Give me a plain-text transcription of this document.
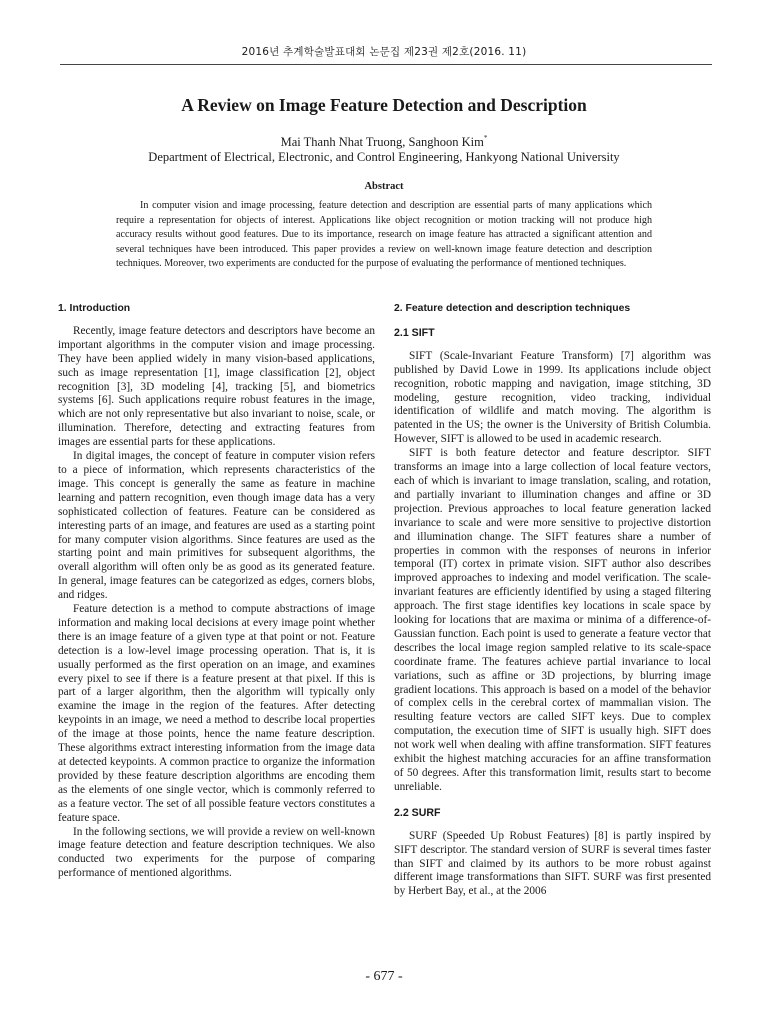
2016년 추계학술발표대회 논문집 제23권 제2호(2016. 11)
A Review on Image Feature Detection and Description
Mai Thanh Nhat Truong, Sanghoon Kim*
Department of Electrical, Electronic, and Control Engineering, Hankyong National University
Abstract

In computer vision and image processing, feature detection and description are essential parts of many applications which require a representation for objects of interest. Applications like object recognition or motion tracking will not produce high accuracy results without good features. Due to its importance, research on image feature has attracted a significant attention and several techniques have been introduced. This paper provides a review on well-known image feature detection and description techniques. Moreover, two experiments are conducted for the purpose of evaluating the performance of mentioned techniques.

1. Introduction

Recently, image feature detectors and descriptors have become an important algorithms in the computer vision and image processing. They have been applied widely in many vision-based applications, such as image representation [1], image classification [2], object recognition [3], 3D modeling [4], tracking [5], and biometrics systems [6]. Such applications require robust features in the image, which are not only representative but also invariant to noise, scale, or illumination. Therefore, detecting and extracting features from images are essential parts for these applications.

In digital images, the concept of feature in computer vision refers to a piece of information, which represents characteristics of the image. This concept is generally the same as feature in machine learning and pattern recognition, even though image data has a very sophisticated collection of features. Feature can be considered as interesting parts of an image, and features are used as a starting point for many computer vision algorithms. Since features are used as the starting point and main primitives for subsequent algorithms, the overall algorithm will often only be as good as its generated feature. In general, image features can be categorized as edges, corners blobs, and ridges.

Feature detection is a method to compute abstractions of image information and making local decisions at every image point whether there is an image feature of a given type at that point or not. Feature detection is a low-level image processing operation. That is, it is usually performed as the first operation on an image, and examines every pixel to see if there is a feature present at that pixel. If this is part of a larger algorithm, then the algorithm will typically only examine the image in the region of the features. After detecting keypoints in an image, we need a method to describe local properties of the image at those points, hence the name feature description. These algorithms extract interesting information from the image data at detected keypoints. A common practice to organize the information provided by these feature description algorithms are encoding them as the elements of one single vector, which is commonly referred to as a feature vector. The set of all possible feature vectors constitutes a feature space.

In the following sections, we will provide a review on well-known image feature detection and feature description techniques. We also conducted two experiments for the purpose of comparing performance of mentioned algorithms.

2. Feature detection and description techniques
2.1 SIFT

SIFT (Scale-Invariant Feature Transform) [7] algorithm was published by David Lowe in 1999. Its applications include object recognition, robotic mapping and navigation, image stitching, 3D modeling, gesture recognition, video tracking, individual identification of wildlife and match moving. The algorithm is patented in the US; the owner is the University of British Columbia. However, SIFT is allowed to be used in academic research.

SIFT is both feature detector and feature descriptor. SIFT transforms an image into a large collection of local feature vectors, each of which is invariant to image translation, scaling, and rotation, and partially invariant to illumination changes and affine or 3D projection. Previous approaches to local feature generation lacked invariance to scale and were more sensitive to projective distortion and illumination change. The SIFT features share a number of properties in common with the responses of neurons in inferior temporal (IT) cortex in primate vision. SIFT author also describes improved approaches to indexing and model verification. The scale-invariant features are efficiently identified by using a staged filtering approach. The first stage identifies key locations in scale space by looking for locations that are maxima or minima of a difference-of-Gaussian function. Each point is used to generate a feature vector that describes the local image region sampled relative to its scale-space coordinate frame. The features achieve partial invariance to local variations, such as affine or 3D projections, by blurring image gradient locations. This approach is based on a model of the behavior of complex cells in the cerebral cortex of mammalian vision. The resulting feature vectors are called SIFT keys. Due to complex computation, the execution time of SIFT is usually high. SIFT does not work well when dealing with affine transformation. SIFT features exhibit the highest matching accuracies for an affine transformation of 50 degrees. After this transformation limit, results start to become unreliable.

2.2 SURF

SURF (Speeded Up Robust Features) [8] is partly inspired by SIFT descriptor. The standard version of SURF is several times faster than SIFT and claimed by its authors to be more robust against different image transformations than SIFT. SURF was first presented by Herbert Bay, et al., at the 2006

- 677 -
